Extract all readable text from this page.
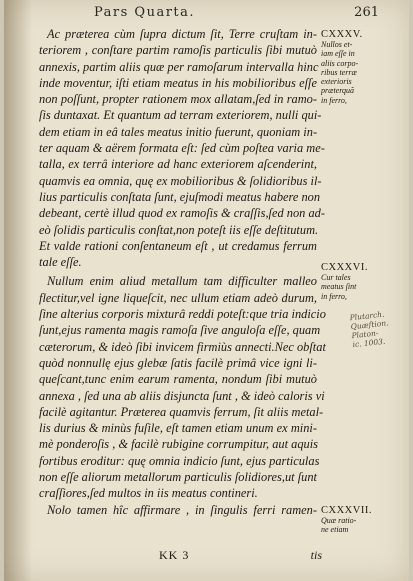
Pars Quarta.	261
Ac præterea cùm ſupra dictum ſit, Terre cruſtam in-
teriorem , conſtare partim ramoſis particulis ſibi mutuò
annexis, partim aliis quæ per ramoſarum intervalla hinc
inde moventur, iſti etiam meatus in his mobilioribus eſſe
non poſſunt, propter rationem mox allatam,ſed in ramo-
ſis duntaxat. Et quantum ad terram exteriorem, nulli qui-
dem etiam in eâ tales meatus initio fuerunt, quoniam in-
ter aquam & aërem formata eſt: ſed cùm poſtea varia me-
talla, ex terrâ interiore ad hanc exteriorem aſcenderint,
quamvis ea omnia, quę ex mobilioribus & ſolidioribus il-
lius particulis conſtata ſunt, ejuſmodi meatus habere non
debeant, certè illud quod ex ramoſis & craſſis,ſed non ad-
eò ſolidis particulis conſtat,non poteſt iis eſſe deſtitutum.
Et valde rationi conſentaneum eſt , ut credamus ferrum
tale eſſe.
Nullum enim aliud metallum tam difficulter malleo
flectitur,vel igne liqueſcit, nec ullum etiam adeò durum,
ſine alterius corporis mixturâ reddi poteſt:que tria indicio
ſunt,ejus ramenta magis ramoſa ſive anguloſa eſſe, quam
cæterorum, & ideò ſibi invicem firmiùs annecti.Nec obſtat
quòd nonnullę ejus glebæ ſatis facilè primâ vice igni li-
queſcant,tunc enim earum ramenta, nondum ſibi mutuò
annexa , ſed una ab aliis disjuncta ſunt , & ideò caloris vi
facilè agitantur. Præterea quamvis ferrum, ſit aliis metal-
lis durius & minùs fuſile, eſt tamen etiam unum ex mini-
mè ponderoſis , & facilè rubigine corrumpitur, aut aquis
fortibus eroditur: quę omnia indicio ſunt, ejus particulas
non eſſe aliorum metallorum particulis ſolidiores,ut ſunt
craſſiores,ſed multos in iis meatus contineri.
Nolo tamen hîc affirmare , in ſingulis ferri ramen-
CXXXV.
Nullos et-
iam eſſe in
aliis corpo-
ribus terræ
exterioris
præterquã
in ferro,
CXXXVI.
Cur tales
meatus ſint
in ferro,
Plutarch. Quæſtion. Platon-
ic. 1003.
CXXXVII.
Quæ ratio-
ne etiam
KK 3	tis
